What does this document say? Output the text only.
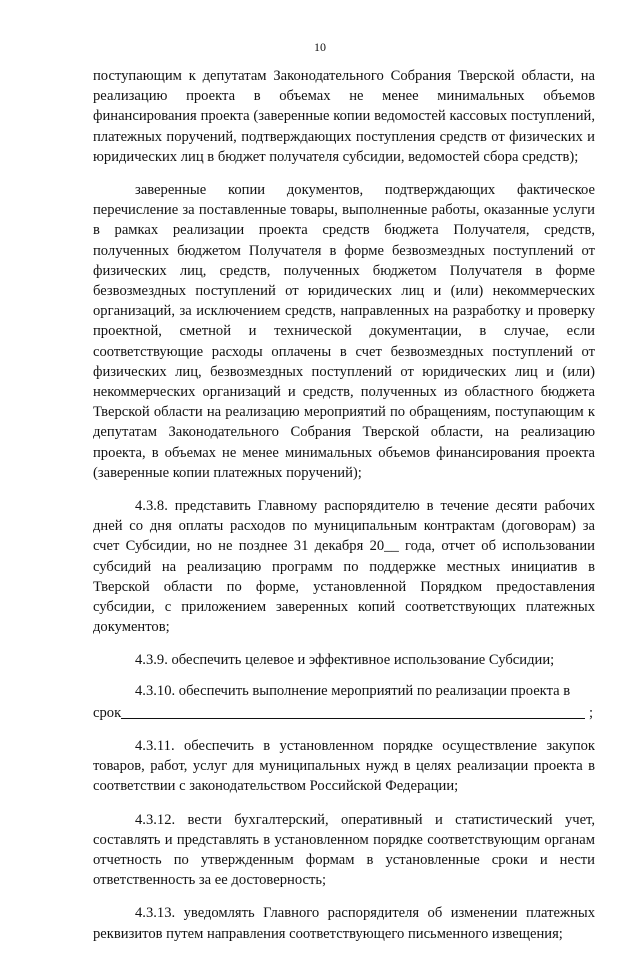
10

поступающим к депутатам Законодательного Собрания Тверской области, на реализацию проекта в объемах не менее минимальных объемов финансирования проекта (заверенные копии ведомостей кассовых поступлений, платежных поручений, подтверждающих поступления средств от физических и юридических лиц в бюджет получателя субсидии, ведомостей сбора средств);

заверенные копии документов, подтверждающих фактическое перечисление за поставленные товары, выполненные работы, оказанные услуги в рамках реализации проекта средств бюджета Получателя, средств, полученных бюджетом Получателя в форме безвозмездных поступлений от физических лиц, средств, полученных бюджетом Получателя в форме безвозмездных поступлений от юридических лиц и (или) некоммерческих организаций, за исключением средств, направленных на разработку и проверку проектной, сметной и технической документации, в случае, если соответствующие расходы оплачены в счет безвозмездных поступлений от физических лиц, безвозмездных поступлений от юридических лиц и (или) некоммерческих организаций и средств, полученных из областного бюджета Тверской области на реализацию мероприятий по обращениям, поступающим к депутатам Законодательного Собрания Тверской области, на реализацию проекта, в объемах не менее минимальных объемов финансирования проекта (заверенные копии платежных поручений);

4.3.8. представить Главному распорядителю в течение десяти рабочих дней со дня оплаты расходов по муниципальным контрактам (договорам) за счет Субсидии, но не позднее 31 декабря 20__ года, отчет об использовании субсидий на реализацию программ по поддержке местных инициатив в Тверской области по форме, установленной Порядком предоставления субсидии, с приложением заверенных копий соответствующих платежных документов;

4.3.9. обеспечить целевое и эффективное использование Субсидии;

4.3.10. обеспечить выполнение мероприятий по реализации проекта в

срок	;

4.3.11. обеспечить в установленном порядке осуществление закупок товаров, работ, услуг для муниципальных нужд в целях реализации проекта в соответствии с законодательством Российской Федерации;

4.3.12. вести бухгалтерский, оперативный и статистический учет, составлять и представлять в установленном порядке соответствующим органам отчетность по утвержденным формам в установленные сроки и нести ответственность за ее достоверность;

4.3.13. уведомлять Главного распорядителя об изменении платежных реквизитов путем направления соответствующего письменного извещения;
